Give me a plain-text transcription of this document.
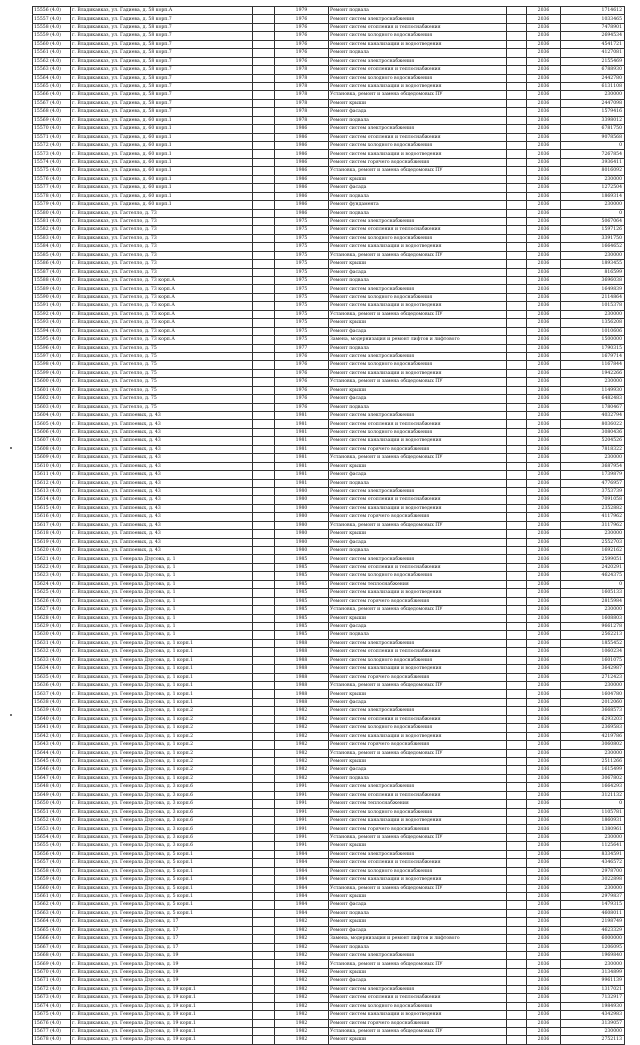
15556 (4.0)	г. Владикавказ, ул. Гадиева, д. 58 корп.А		1979	Ремонт подвала		2036	1714612
15557 (4.0)	г. Владикавказ, ул. Гадиева, д. 58 корп.7		1976	Ремонт систем электроснабжения		2036	1033465
15558 (4.0)	г. Владикавказ, ул. Гадиева, д. 58 корп.7		1976	Ремонт систем отопления и теплоснабжения		2036	7478901
15559 (4.0)	г. Владикавказ, ул. Гадиева, д. 58 корп.7		1976	Ремонт систем холодного водоснабжения		2036	2694534
15560 (4.0)	г. Владикавказ, ул. Гадиева, д. 58 корп.7		1976	Ремонт систем канализации и водоотведения		2036	4541721
15561 (4.0)	г. Владикавказ, ул. Гадиева, д. 58 корп.7		1976	Ремонт подвала		2036	4127081
15562 (4.0)	г. Владикавказ, ул. Гадиева, д. 58 корп.7		1976	Ремонт систем электроснабжения		2036	2155469
15563 (4.0)	г. Владикавказ, ул. Гадиева, д. 58 корп.7		1978	Ремонт систем отопления и теплоснабжения		2036	6788930
15564 (4.0)	г. Владикавказ, ул. Гадиева, д. 58 корп.7		1978	Ремонт систем холодного водоснабжения		2036	2442780
15565 (4.0)	г. Владикавказ, ул. Гадиева, д. 58 корп.7		1978	Ремонт систем канализации и водоотведения		2036	6131108
15566 (4.0)	г. Владикавказ, ул. Гадиева, д. 58 корп.7		1978	Установка, ремонт и замена общедомовых ПУ		2036	230000
15567 (4.0)	г. Владикавказ, ул. Гадиева, д. 58 корп.7		1978	Ремонт крыши		2036	2447098
15568 (4.0)	г. Владикавказ, ул. Гадиева, д. 58 корп.7		1978	Ремонт фасада		2036	1579416
15569 (4.0)	г. Владикавказ, ул. Гадиева, д. 60 корп.1		1978	Ремонт подвала		2036	3398012
15570 (4.0)	г. Владикавказ, ул. Гадиева, д. 60 корп.1		1986	Ремонт систем электроснабжения		2036	6781750
15571 (4.0)	г. Владикавказ, ул. Гадиева, д. 60 корп.1		1986	Ремонт систем отопления и теплоснабжения		2036	9078568
15572 (4.0)	г. Владикавказ, ул. Гадиева, д. 60 корп.1		1986	Ремонт систем холодного водоснабжения		2036	0
15573 (4.0)	г. Владикавказ, ул. Гадиева, д. 60 корп.1		1986	Ремонт систем канализации и водоотведения		2036	7267854
15574 (4.0)	г. Владикавказ, ул. Гадиева, д. 60 корп.1		1986	Ремонт систем горячего водоснабжения		2036	3936411
15575 (4.0)	г. Владикавказ, ул. Гадиева, д. 60 корп.1		1986	Установка, ремонт и замена общедомовых ПУ		2036	8016092
15576 (4.0)	г. Владикавказ, ул. Гадиева, д. 60 корп.1		1986	Ремонт крыши		2036	230000
15577 (4.0)	г. Владикавказ, ул. Гадиева, д. 60 корп.1		1986	Ремонт фасада		2036	1272504
15578 (4.0)	г. Владикавказ, ул. Гадиева, д. 60 корп.1		1986	Ремонт подвала		2036	1869314
15579 (4.0)	г. Владикавказ, ул. Гадиева, д. 60 корп.1		1986	Ремонт фундамента		2036	230000
15580 (4.0)	г. Владикавказ, ул. Гастелло, д. 73		1986	Ремонт подвала		2036	0
15581 (4.0)	г. Владикавказ, ул. Гастелло, д. 73		1975	Ремонт систем электроснабжения		2036	5067064
15582 (4.0)	г. Владикавказ, ул. Гастелло, д. 73		1975	Ремонт систем отопления и теплоснабжения		2036	1597126
15583 (4.0)	г. Владикавказ, ул. Гастелло, д. 73		1975	Ремонт систем холодного водоснабжения		2036	3391750
15584 (4.0)	г. Владикавказ, ул. Гастелло, д. 73		1975	Ремонт систем канализации и водоотведения		2036	1664652
15585 (4.0)	г. Владикавказ, ул. Гастелло, д. 73		1975	Установка, ремонт и замена общедомовых ПУ		2036	230000
15586 (4.0)	г. Владикавказ, ул. Гастелло, д. 73		1975	Ремонт крыши		2036	1893455
15587 (4.0)	г. Владикавказ, ул. Гастелло, д. 73		1975	Ремонт фасада		2036	816599
15588 (4.0)	г. Владикавказ, ул. Гастелло, д. 73 корп.А		1975	Ремонт подвала		2036	3696038
15589 (4.0)	г. Владикавказ, ул. Гастелло, д. 73 корп.А		1975	Ремонт систем электроснабжения		2036	1649839
15590 (4.0)	г. Владикавказ, ул. Гастелло, д. 73 корп.А		1975	Ремонт систем холодного водоснабжения		2036	2114864
15591 (4.0)	г. Владикавказ, ул. Гастелло, д. 73 корп.А		1975	Ремонт систем канализации и водоотведения		2036	1015378
15592 (4.0)	г. Владикавказ, ул. Гастелло, д. 73 корп.А		1975	Установка, ремонт и замена общедомовых ПУ		2036	230000
15593 (4.0)	г. Владикавказ, ул. Гастелло, д. 73 корп.А		1975	Ремонт крыши		2036	1356208
15594 (4.0)	г. Владикавказ, ул. Гастелло, д. 73 корп.А		1975	Ремонт фасада		2036	1010606
15595 (4.0)	г. Владикавказ, ул. Гастелло, д. 73 корп.А		1975	Замена, модернизация и ремонт лифтов и лифтового		2036	1500000
15596 (4.0)	г. Владикавказ, ул. Гастелло, д. 75		1977	Ремонт подвала		2036	1790315
15597 (4.0)	г. Владикавказ, ул. Гастелло, д. 75		1976	Ремонт систем электроснабжения		2036	1679714
15598 (4.0)	г. Владикавказ, ул. Гастелло, д. 75		1976	Ремонт систем холодного водоснабжения		2036	1167844
15599 (4.0)	г. Владикавказ, ул. Гастелло, д. 75		1976	Ремонт систем канализации и водоотведения		2036	1942266
15600 (4.0)	г. Владикавказ, ул. Гастелло, д. 75		1976	Установка, ремонт и замена общедомовых ПУ		2036	230000
15601 (4.0)	г. Владикавказ, ул. Гастелло, д. 75		1976	Ремонт крыши		2036	1149930
15602 (4.0)	г. Владикавказ, ул. Гастелло, д. 75		1976	Ремонт фасада		2036	6482483
15603 (4.0)	г. Владикавказ, ул. Гастелло, д. 75		1976	Ремонт подвала		2036	1780467
15604 (4.0)	г. Владикавказ, ул. Гаппоевых, д. 43		1981	Ремонт систем электроснабжения		2036	4032794
15605 (4.0)	г. Владикавказ, ул. Гаппоевых, д. 43		1981	Ремонт систем отопления и теплоснабжения		2036	8036022
15606 (4.0)	г. Владикавказ, ул. Гаппоевых, д. 43		1981	Ремонт систем холодного водоснабжения		2036	3080436
15607 (4.0)	г. Владикавказ, ул. Гаппоевых, д. 43		1981	Ремонт систем канализации и водоотведения		2036	5204526
15608 (4.0)	г. Владикавказ, ул. Гаппоевых, д. 43		1981	Ремонт систем горячего водоснабжения		2036	7818322
15609 (4.0)	г. Владикавказ, ул. Гаппоевых, д. 43		1981	Установка, ремонт и замена общедомовых ПУ		2036	230000
15610 (4.0)	г. Владикавказ, ул. Гаппоевых, д. 43		1981	Ремонт крыши		2036	3687954
15611 (4.0)	г. Владикавказ, ул. Гаппоевых, д. 43		1981	Ремонт фасада		2036	1739879
15612 (4.0)	г. Владикавказ, ул. Гаппоевых, д. 43		1981	Ремонт подвала		2036	4776957
15613 (4.0)	г. Владикавказ, ул. Гаппоевых, д. 43		1980	Ремонт систем электроснабжения		2036	3753739
15614 (4.0)	г. Владикавказ, ул. Гаппоевых, д. 43		1980	Ремонт систем отопления и теплоснабжения		2036	7091058
15615 (4.0)	г. Владикавказ, ул. Гаппоевых, д. 43		1980	Ремонт систем канализации и водоотведения		2036	2352882
15616 (4.0)	г. Владикавказ, ул. Гаппоевых, д. 43		1980	Ремонт систем горячего водоснабжения		2036	4117962
15617 (4.0)	г. Владикавказ, ул. Гаппоевых, д. 43		1980	Установка, ремонт и замена общедомовых ПУ		2036	3117962
15618 (4.0)	г. Владикавказ, ул. Гаппоевых, д. 43		1980	Ремонт крыши		2036	230000
15619 (4.0)	г. Владикавказ, ул. Гаппоевых, д. 43		1980	Ремонт фасада		2036	2552703
15620 (4.0)	г. Владикавказ, ул. Гаппоевых, д. 43		1980	Ремонт подвала		2036	1692162
15621 (4.0)	г. Владикавказ, ул. Генерала Дзусова, д. 1		1985	Ремонт систем электроснабжения		2036	2599051
15622 (4.0)	г. Владикавказ, ул. Генерала Дзусова, д. 1		1985	Ремонт систем отопления и теплоснабжения		2036	2420291
15623 (4.0)	г. Владикавказ, ул. Генерала Дзусова, д. 1		1985	Ремонт систем холодного водоснабжения		2036	4624375
15624 (4.0)	г. Владикавказ, ул. Генерала Дзусова, д. 1		1985	Ремонт систем теплоснабжения		2036	0
15625 (4.0)	г. Владикавказ, ул. Генерала Дзусова, д. 1		1985	Ремонт систем канализации и водоотведения		2036	1605133
15626 (4.0)	г. Владикавказ, ул. Генерала Дзусова, д. 1		1985	Ремонт систем горячего водоснабжения		2036	2815984
15627 (4.0)	г. Владикавказ, ул. Генерала Дзусова, д. 1		1985	Установка, ремонт и замена общедомовых ПУ		2036	230000
15628 (4.0)	г. Владикавказ, ул. Генерала Дзусова, д. 1		1985	Ремонт крыши		2036	1608803
15629 (4.0)	г. Владикавказ, ул. Генерала Дзусова, д. 1		1985	Ремонт фасада		2036	9661278
15630 (4.0)	г. Владикавказ, ул. Генерала Дзусова, д. 1		1985	Ремонт подвала		2036	2562213
15631 (4.0)	г. Владикавказ, ул. Генерала Дзусова, д. 1 корп.1		1988	Ремонт систем электроснабжения		2036	1855452
15632 (4.0)	г. Владикавказ, ул. Генерала Дзусова, д. 1 корп.1		1988	Ремонт систем отопления и теплоснабжения		2036	1060234
15633 (4.0)	г. Владикавказ, ул. Генерала Дзусова, д. 1 корп.1		1988	Ремонт систем холодного водоснабжения		2036	1601075
15634 (4.0)	г. Владикавказ, ул. Генерала Дзусова, д. 1 корп.1		1988	Ремонт систем канализации и водоотведения		2036	3642987
15635 (4.0)	г. Владикавказ, ул. Генерала Дзусова, д. 1 корп.1		1988	Ремонт систем горячего водоснабжения		2036	2712423
15636 (4.0)	г. Владикавказ, ул. Генерала Дзусова, д. 1 корп.1		1988	Установка, ремонт и замена общедомовых ПУ		2036	230000
15637 (4.0)	г. Владикавказ, ул. Генерала Дзусова, д. 1 корп.1		1988	Ремонт крыши		2036	1604780
15638 (4.0)	г. Владикавказ, ул. Генерала Дзусова, д. 1 корп.1		1988	Ремонт фасада		2036	2012060
15639 (4.0)	г. Владикавказ, ул. Генерала Дзусова, д. 1 корп.2		1982	Ремонт систем электроснабжения		2036	3668573
15640 (4.0)	г. Владикавказ, ул. Генерала Дзусова, д. 1 корп.2		1982	Ремонт систем отопления и теплоснабжения		2036	6293203
15641 (4.0)	г. Владикавказ, ул. Генерала Дзусова, д. 1 корп.2		1982	Ремонт систем холодного водоснабжения		2036	2369583
15642 (4.0)	г. Владикавказ, ул. Генерала Дзусова, д. 1 корп.2		1982	Ремонт систем канализации и водоотведения		2036	4219786
15643 (4.0)	г. Владикавказ, ул. Генерала Дзусова, д. 1 корп.2		1982	Ремонт систем горячего водоснабжения		2036	3060802
15644 (4.0)	г. Владикавказ, ул. Генерала Дзусова, д. 1 корп.2		1982	Установка, ремонт и замена общедомовых ПУ		2036	230000
15645 (4.0)	г. Владикавказ, ул. Генерала Дзусова, д. 1 корп.2		1982	Ремонт крыши		2036	2511266
15646 (4.0)	г. Владикавказ, ул. Генерала Дзусова, д. 1 корп.2		1982	Ремонт фасада		2036	1615499
15647 (4.0)	г. Владикавказ, ул. Генерала Дзусова, д. 1 корп.2		1982	Ремонт подвала		2036	3067802
15648 (4.0)	г. Владикавказ, ул. Генерала Дзусова, д. 3 корп.6		1991	Ремонт систем электроснабжения		2036	1664293
15649 (4.0)	г. Владикавказ, ул. Генерала Дзусова, д. 3 корп.6		1991	Ремонт систем отопления и теплоснабжения		2036	3121132
15650 (4.0)	г. Владикавказ, ул. Генерала Дзусова, д. 3 корп.6		1991	Ремонт систем теплоснабжения		2036	0
15651 (4.0)	г. Владикавказ, ул. Генерала Дзусова, д. 3 корп.6		1991	Ремонт систем холодного водоснабжения		2036	1105781
15652 (4.0)	г. Владикавказ, ул. Генерала Дзусова, д. 3 корп.6		1991	Ремонт систем канализации и водоотведения		2036	1860931
15653 (4.0)	г. Владикавказ, ул. Генерала Дзусова, д. 3 корп.6		1991	Ремонт систем горячего водоснабжения		2036	1380961
15654 (4.0)	г. Владикавказ, ул. Генерала Дзусова, д. 3 корп.6		1991	Установка, ремонт и замена общедомовых ПУ		2036	230000
15655 (4.0)	г. Владикавказ, ул. Генерала Дзусова, д. 3 корп.6		1991	Ремонт крыши		2036	1125641
15656 (4.0)	г. Владикавказ, ул. Генерала Дзусова, д. 5 корп.1		1984	Ремонт систем электроснабжения		2036	8334591
15657 (4.0)	г. Владикавказ, ул. Генерала Дзусова, д. 5 корп.1		1984	Ремонт систем отопления и теплоснабжения		2036	4346572
15658 (4.0)	г. Владикавказ, ул. Генерала Дзусова, д. 5 корп.1		1984	Ремонт систем холодного водоснабжения		2036	2978700
15659 (4.0)	г. Владикавказ, ул. Генерала Дзусова, д. 5 корп.1		1984	Ремонт систем канализации и водоотведения		2036	3022898
15660 (4.0)	г. Владикавказ, ул. Генерала Дзусова, д. 5 корп.1		1984	Установка, ремонт и замена общедомовых ПУ		2036	230000
15661 (4.0)	г. Владикавказ, ул. Генерала Дзусова, д. 5 корп.1		1984	Ремонт крыши		2036	2979837
15662 (4.0)	г. Владикавказ, ул. Генерала Дзусова, д. 5 корп.1		1984	Ремонт фасада		2036	1479315
15663 (4.0)	г. Владикавказ, ул. Генерала Дзусова, д. 5 корп.1		1984	Ремонт подвала		2036	4608011
15664 (4.0)	г. Владикавказ, ул. Генерала Дзусова, д. 17		1982	Ремонт крыши		2036	2198749
15665 (4.0)	г. Владикавказ, ул. Генерала Дзусова, д. 17		1982	Ремонт фасада		2036	4623329
15666 (4.0)	г. Владикавказ, ул. Генерала Дзусова, д. 17		1982	Замена, модернизация и ремонт лифтов и лифтового		2036	6000000
15667 (4.0)	г. Владикавказ, ул. Генерала Дзусова, д. 17		1982	Ремонт подвала		2036	1206095
15668 (4.0)	г. Владикавказ, ул. Генерала Дзусова, д. 19		1982	Ремонт систем электроснабжения		2036	1969840
15669 (4.0)	г. Владикавказ, ул. Генерала Дзусова, д. 19		1982	Установка, ремонт и замена общедомовых ПУ		2036	230000
15670 (4.0)	г. Владикавказ, ул. Генерала Дзусова, д. 19		1982	Ремонт крыши		2036	3134899
15671 (4.0)	г. Владикавказ, ул. Генерала Дзусова, д. 19		1982	Ремонт фасада		2036	9961139
15672 (4.0)	г. Владикавказ, ул. Генерала Дзусова, д. 19 корп.1		1982	Ремонт систем электроснабжения		2036	1317021
15673 (4.0)	г. Владикавказ, ул. Генерала Дзусова, д. 19 корп.1		1982	Ремонт систем отопления и теплоснабжения		2036	7132917
15674 (4.0)	г. Владикавказ, ул. Генерала Дзусова, д. 19 корп.1		1982	Ремонт систем холодного водоснабжения		2036	1984930
15675 (4.0)	г. Владикавказ, ул. Генерала Дзусова, д. 19 корп.1		1982	Ремонт систем канализации и водоотведения		2036	4342983
15676 (4.0)	г. Владикавказ, ул. Генерала Дзусова, д. 19 корп.1		1982	Ремонт систем горячего водоснабжения		2036	3139057
15677 (4.0)	г. Владикавказ, ул. Генерала Дзусова, д. 19 корп.1		1982	Установка, ремонт и замена общедомовых ПУ		2036	230000
15678 (4.0)	г. Владикавказ, ул. Генерала Дзусова, д. 19 корп.1		1982	Ремонт крыши		2036	2752113
